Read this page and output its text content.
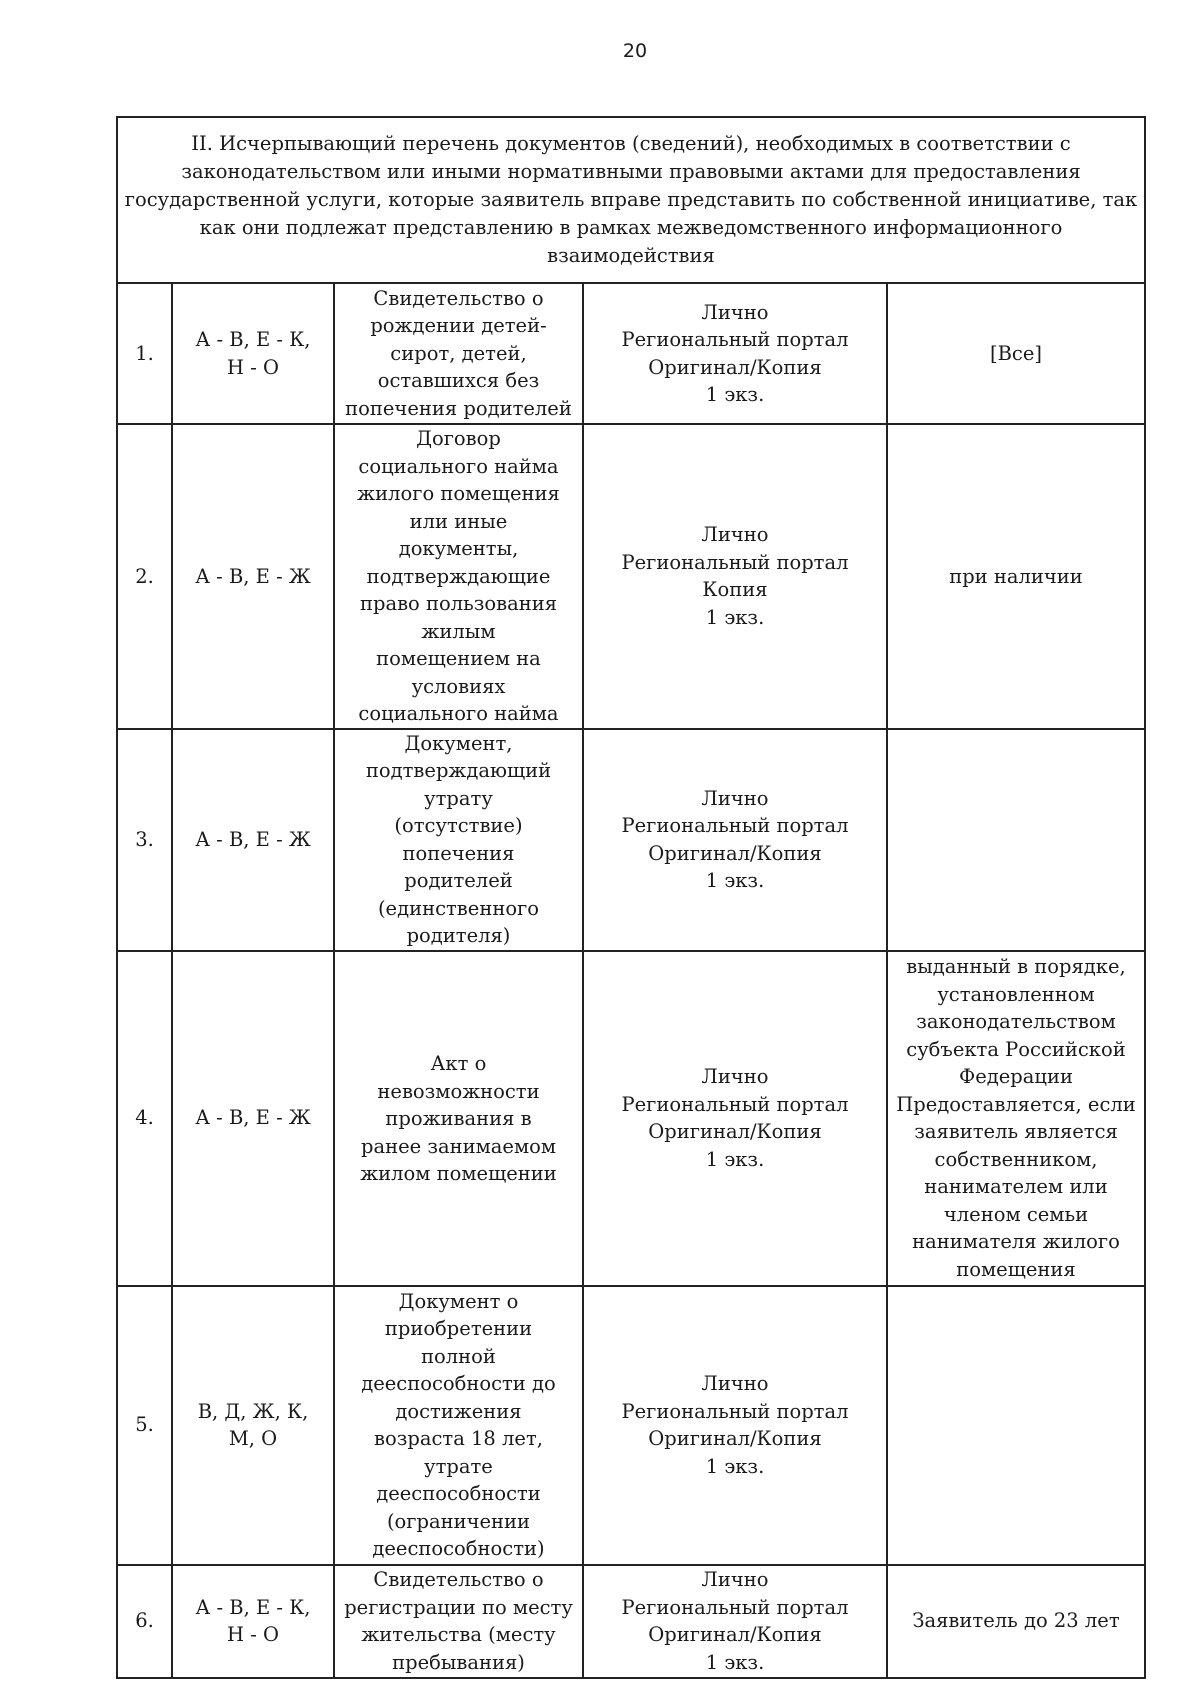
20
II. Исчерпывающий перечень документов (сведений), необходимых в соответствии с законодательством или иными нормативными правовыми актами для предоставления государственной услуги, которые заявитель вправе представить по собственной инициативе, так как они подлежат представлению в рамках межведомственного информационного взаимодействия				
1.	А - В, Е - К, Н - О	Свидетельство о рождении детей-сирот, детей, оставшихся без попечения родителей	Лично
Региональный портал
Оригинал/Копия
1 экз.	[Все]
2.	А - В, Е - Ж	Договор социального найма жилого помещения или иные документы, подтверждающие право пользования жилым помещением на условиях социального найма	Лично
Региональный портал
Копия
1 экз.	при наличии
3.	А - В, Е - Ж	Документ, подтверждающий утрату (отсутствие) попечения родителей (единственного родителя)	Лично
Региональный портал
Оригинал/Копия
1 экз.	

4.	А - В, Е - Ж	Акт о невозможности проживания в ранее занимаемом жилом помещении	Лично
Региональный портал
Оригинал/Копия
1 экз.	выданный в порядке, установленном законодательством субъекта Российской Федерации Предоставляется, если заявитель является собственником, нанимателем или членом семьи нанимателя жилого помещения
5.	В, Д, Ж, К, М, О	Документ о приобретении полной дееспособности до достижения возраста 18 лет, утрате дееспособности (ограничении дееспособности)	Лично
Региональный портал
Оригинал/Копия
1 экз.	

6.	А - В, Е - К, Н - О	Свидетельство о регистрации по месту жительства (месту пребывания)	Лично
Региональный портал
Оригинал/Копия
1 экз.	Заявитель до 23 лет
